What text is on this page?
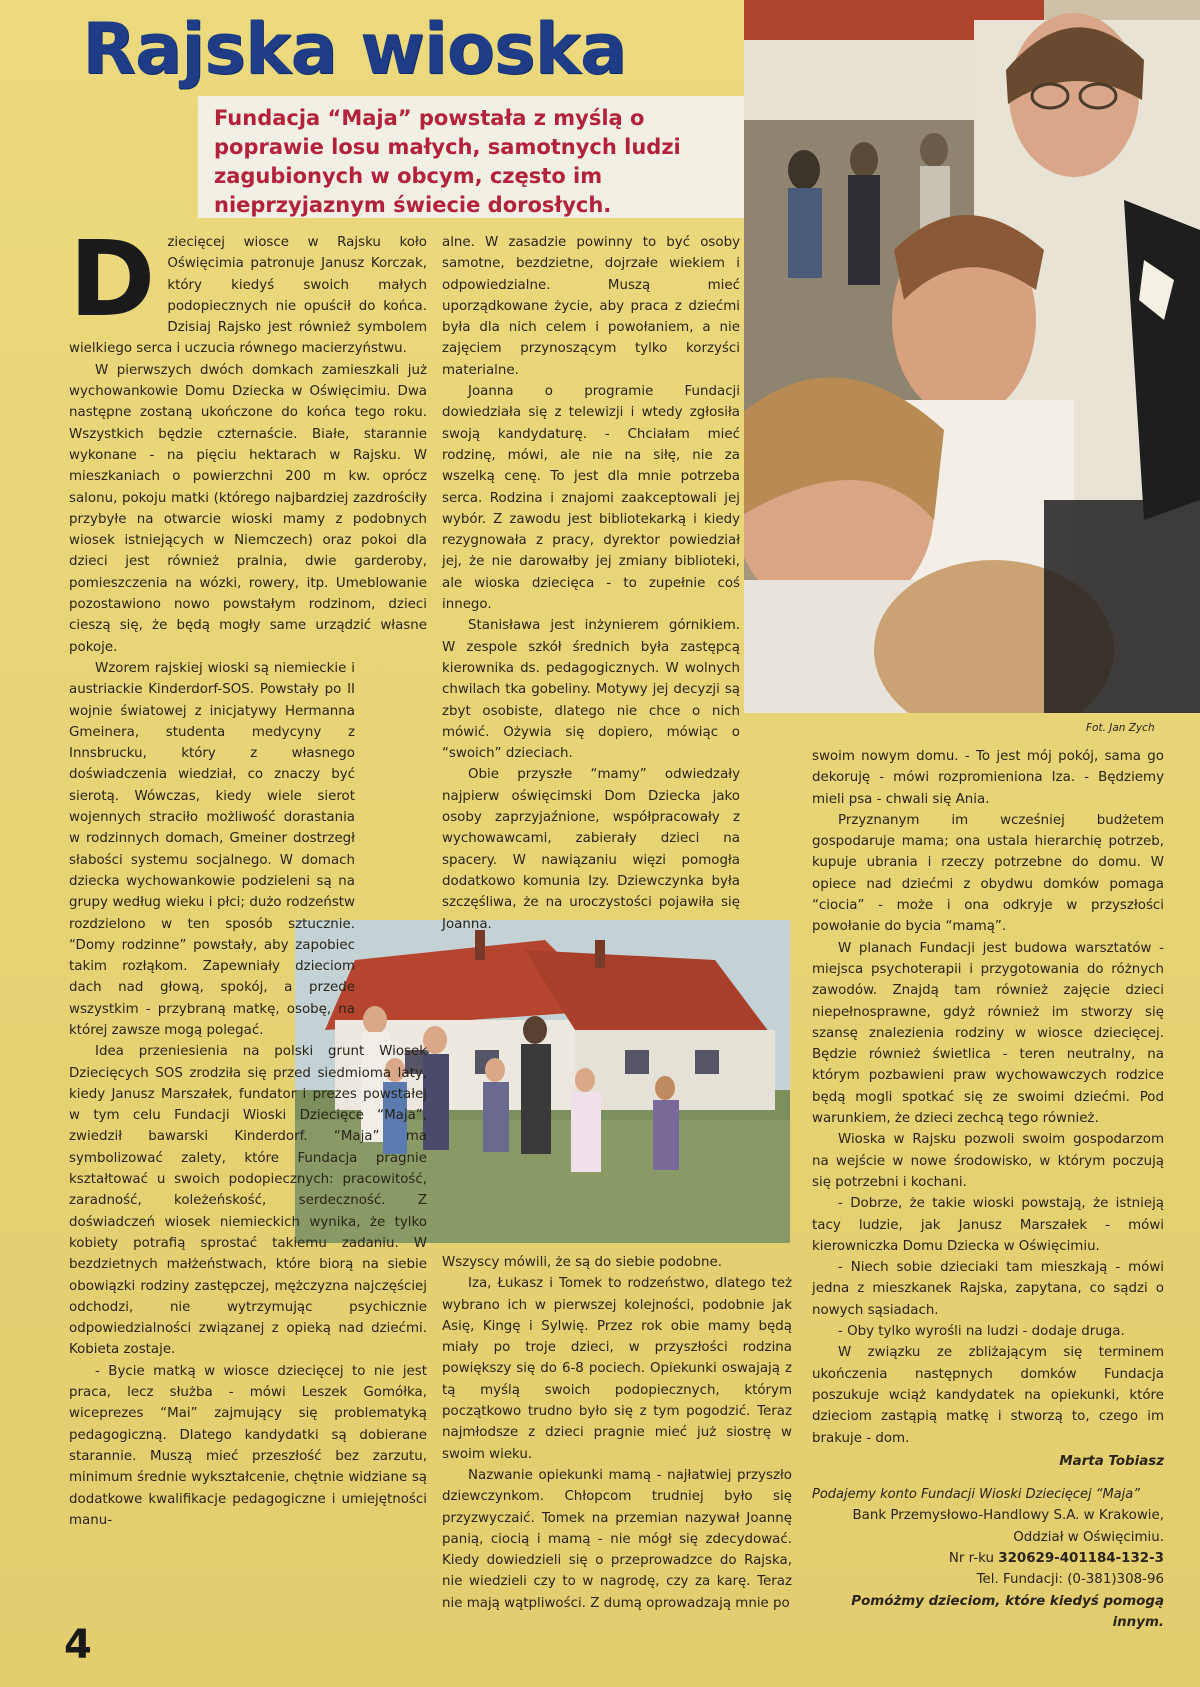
Rajska wioska

Fundacja “Maja” powstała z myślą o poprawie losu małych, samotnych ludzi zagubionych w obcym, często im nieprzyjaznym świecie dorosłych.

Fot. Jan Zych
D ziecięcej wiosce w Rajsku koło Oświęcimia patronuje Janusz Korczak, który kiedyś swoich małych podopiecznych nie opuścił do końca. Dzisiaj Rajsko jest również symbolem wielkiego serca i uczucia równego macierzyństwu.

W pierwszych dwóch domkach zamieszkali już wychowankowie Domu Dziecka w Oświęcimiu. Dwa następne zostaną ukończone do końca tego roku. Wszystkich będzie czternaście. Białe, starannie wykonane - na pięciu hektarach w Rajsku. W mieszkaniach o powierzchni 200 m kw. oprócz salonu, pokoju matki (którego najbardziej zazdrościły przybyłe na otwarcie wioski mamy z podobnych wiosek istniejących w Niemczech) oraz pokoi dla dzieci jest również pralnia, dwie garderoby, pomieszczenia na wózki, rowery, itp. Umeblowanie pozostawiono nowo powstałym rodzinom, dzieci cieszą się, że będą mogły same urządzić własne pokoje.

Wzorem rajskiej wioski są niemieckie i austriackie Kinderdorf-SOS. Powstały po II wojnie światowej z inicjatywy Hermanna Gmeinera, studenta medycyny z Innsbrucku, który z własnego doświadczenia wiedział, co znaczy być sierotą. Wówczas, kiedy wiele sierot wojennych straciło możliwość dorastania w rodzinnych domach, Gmeiner dostrzegł słabości systemu socjalnego. W domach dziecka wychowankowie podzieleni są na grupy według wieku i płci; dużo rodzeństw rozdzielono w ten sposób sztucznie. “Domy rodzinne” powstały, aby zapobiec takim rozłąkom. Zapewniały dzieciom dach nad głową, spokój, a przede wszystkim - przybraną matkę, osobę, na której zawsze mogą polegać.

Idea przeniesienia na polski grunt Wiosek Dziecięcych SOS zrodziła się przed siedmioma laty, kiedy Janusz Marszałek, fundator i prezes powstałej w tym celu Fundacji Wioski Dziecięce “Maja”, zwiedził bawarski Kinderdorf. “Maja” ma symbolizować zalety, które Fundacja pragnie kształtować u swoich podopiecznych: pracowitość, zaradność, koleżeńskość, serdeczność. Z doświadczeń wiosek niemieckich wynika, że tylko kobiety potrafią sprostać takiemu zadaniu. W bezdzietnych małżeństwach, które biorą na siebie obowiązki rodziny zastępczej, mężczyzna najczęściej odchodzi, nie wytrzymując psychicznie odpowiedzialności związanej z opieką nad dziećmi. Kobieta zostaje.

- Bycie matką w wiosce dziecięcej to nie jest praca, lecz służba - mówi Leszek Gomółka, wiceprezes “Mai” zajmujący się problematyką pedagogiczną. Dlatego kandydatki są dobierane starannie. Muszą mieć przeszłość bez zarzutu, minimum średnie wykształcenie, chętnie widziane są dodatkowe kwalifikacje pedagogiczne i umiejętności manu-

alne. W zasadzie powinny to być osoby samotne, bezdzietne, dojrzałe wiekiem i odpowiedzialne. Muszą mieć uporządkowane życie, aby praca z dziećmi była dla nich celem i powołaniem, a nie zajęciem przynoszącym tylko korzyści materialne.

Joanna o programie Fundacji dowiedziała się z telewizji i wtedy zgłosiła swoją kandydaturę. - Chciałam mieć rodzinę, mówi, ale nie na siłę, nie za wszelką cenę. To jest dla mnie potrzeba serca. Rodzina i znajomi zaakceptowali jej wybór. Z zawodu jest bibliotekarką i kiedy rezygnowała z pracy, dyrektor powiedział jej, że nie darowałby jej zmiany biblioteki, ale wioska dziecięca - to zupełnie coś innego.

Stanisława jest inżynierem górnikiem. W zespole szkół średnich była zastępcą kierownika ds. pedagogicznych. W wolnych chwilach tka gobeliny. Motywy jej decyzji są zbyt osobiste, dlatego nie chce o nich mówić. Ożywia się dopiero, mówiąc o “swoich” dzieciach.

Obie przyszłe “mamy” odwiedzały najpierw oświęcimski Dom Dziecka jako osoby zaprzyjaźnione, współpracowały z wychowawcami, zabierały dzieci na spacery. W nawiązaniu więzi pomogła dodatkowo komunia Izy. Dziewczynka była szczęśliwa, że na uroczystości pojawiła się Joanna.

Wszyscy mówili, że są do siebie podobne.

Iza, Łukasz i Tomek to rodzeństwo, dlatego też wybrano ich w pierwszej kolejności, podobnie jak Asię, Kingę i Sylwię. Przez rok obie mamy będą miały po troje dzieci, w przyszłości rodzina powiększy się do 6-8 pociech. Opiekunki oswajają z tą myślą swoich podopiecznych, którym początkowo trudno było się z tym pogodzić. Teraz najmłodsze z dzieci pragnie mieć już siostrę w swoim wieku.

Nazwanie opiekunki mamą - najłatwiej przyszło dziewczynkom. Chłopcom trudniej było się przyzwyczaić. Tomek na przemian nazywał Joannę panią, ciocią i mamą - nie mógł się zdecydować. Kiedy dowiedzieli się o przeprowadzce do Rajska, nie wiedzieli czy to w nagrodę, czy za karę. Teraz nie mają wątpliwości. Z dumą oprowadzają mnie po

swoim nowym domu. - To jest mój pokój, sama go dekoruję - mówi rozpromieniona Iza. - Będziemy mieli psa - chwali się Ania.

Przyznanym im wcześniej budżetem gospodaruje mama; ona ustala hierarchię potrzeb, kupuje ubrania i rzeczy potrzebne do domu. W opiece nad dziećmi z obydwu domków pomaga “ciocia” - może i ona odkryje w przyszłości powołanie do bycia “mamą”.

W planach Fundacji jest budowa warsztatów - miejsca psychoterapii i przygotowania do różnych zawodów. Znajdą tam również zajęcie dzieci niepełnosprawne, gdyż również im stworzy się szansę znalezienia rodziny w wiosce dziecięcej. Będzie również świetlica - teren neutralny, na którym pozbawieni praw wychowawczych rodzice będą mogli spotkać się ze swoimi dziećmi. Pod warunkiem, że dzieci zechcą tego również.

Wioska w Rajsku pozwoli swoim gospodarzom na wejście w nowe środowisko, w którym poczują się potrzebni i kochani.

- Dobrze, że takie wioski powstają, że istnieją tacy ludzie, jak Janusz Marszałek - mówi kierowniczka Domu Dziecka w Oświęcimiu.

- Niech sobie dzieciaki tam mieszkają - mówi jedna z mieszkanek Rajska, zapytana, co sądzi o nowych sąsiadach.

- Oby tylko wyrośli na ludzi - dodaje druga.

W związku ze zbliżającym się terminem ukończenia następnych domków Fundacja poszukuje wciąż kandydatek na opiekunki, które dzieciom zastąpią matkę i stworzą to, czego im brakuje - dom.

Marta Tobiasz
Podajemy konto Fundacji Wioski Dziecięcej “Maja”
Bank Przemysłowo-Handlowy S.A. w Krakowie,
Oddział w Oświęcimiu.
Nr r-ku 320629-401184-132-3
Tel. Fundacji: (0-381)308-96
Pomóżmy dzieciom, które kiedyś pomogą innym.
4
